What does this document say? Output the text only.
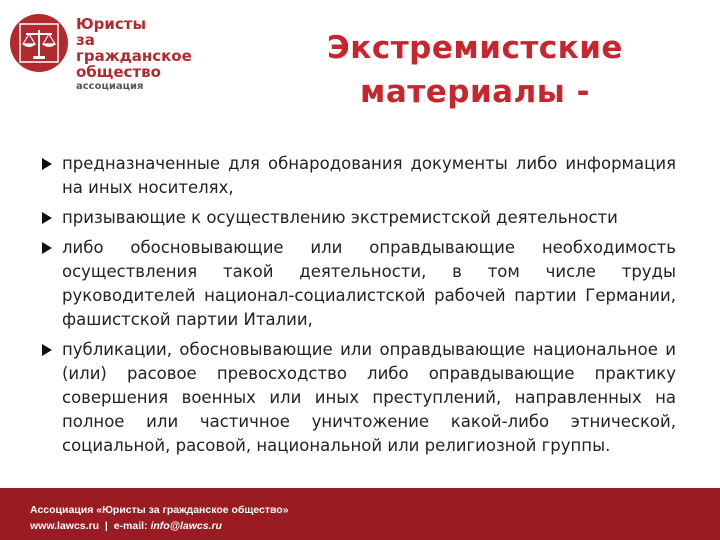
Юристы
за гражданское
общество
ассоциация
Экстремистские материалы -
предназначенные для обнародования документы либо информация на иных носителях,
призывающие к осуществлению экстремистской деятельности
либо обосновывающие или оправдывающие необходимость осуществления такой деятельности, в том числе труды руководителей национал-социалистской рабочей партии Германии, фашистской партии Италии,
публикации, обосновывающие или оправдывающие национальное и (или) расовое превосходство либо оправдывающие практику совершения военных или иных преступлений, направленных на полное или частичное уничтожение какой-либо этнической, социальной, расовой, национальной или религиозной группы.
Ассоциация «Юристы за гражданское общество»
www.lawcs.ru | e-mail: info@lawcs.ru
